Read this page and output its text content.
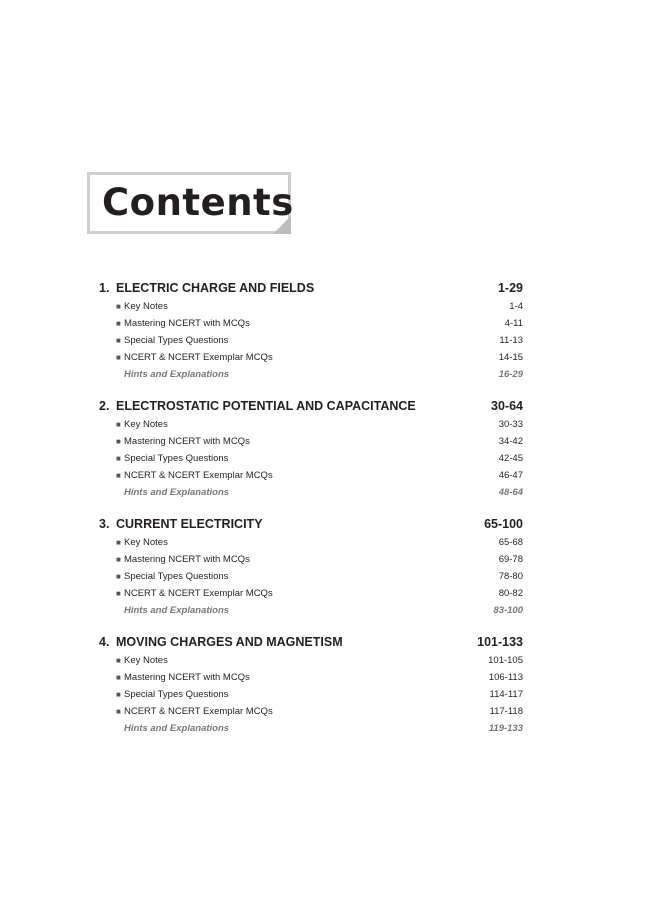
Contents
1. ELECTRIC CHARGE AND FIELDS	1-29
■ Key Notes	1-4
■ Mastering NCERT with MCQs	4-11
■ Special Types Questions	11-13
■ NCERT & NCERT Exemplar MCQs	14-15
Hints and Explanations	16-29
2. ELECTROSTATIC POTENTIAL AND CAPACITANCE	30-64
■ Key Notes	30-33
■ Mastering NCERT with MCQs	34-42
■ Special Types Questions	42-45
■ NCERT & NCERT Exemplar MCQs	46-47
Hints and Explanations	48-64
3. CURRENT ELECTRICITY	65-100
■ Key Notes	65-68
■ Mastering NCERT with MCQs	69-78
■ Special Types Questions	78-80
■ NCERT & NCERT Exemplar MCQs	80-82
Hints and Explanations	83-100
4. MOVING CHARGES AND MAGNETISM	101-133
■ Key Notes	101-105
■ Mastering NCERT with MCQs	106-113
■ Special Types Questions	114-117
■ NCERT & NCERT Exemplar MCQs	117-118
Hints and Explanations	119-133
